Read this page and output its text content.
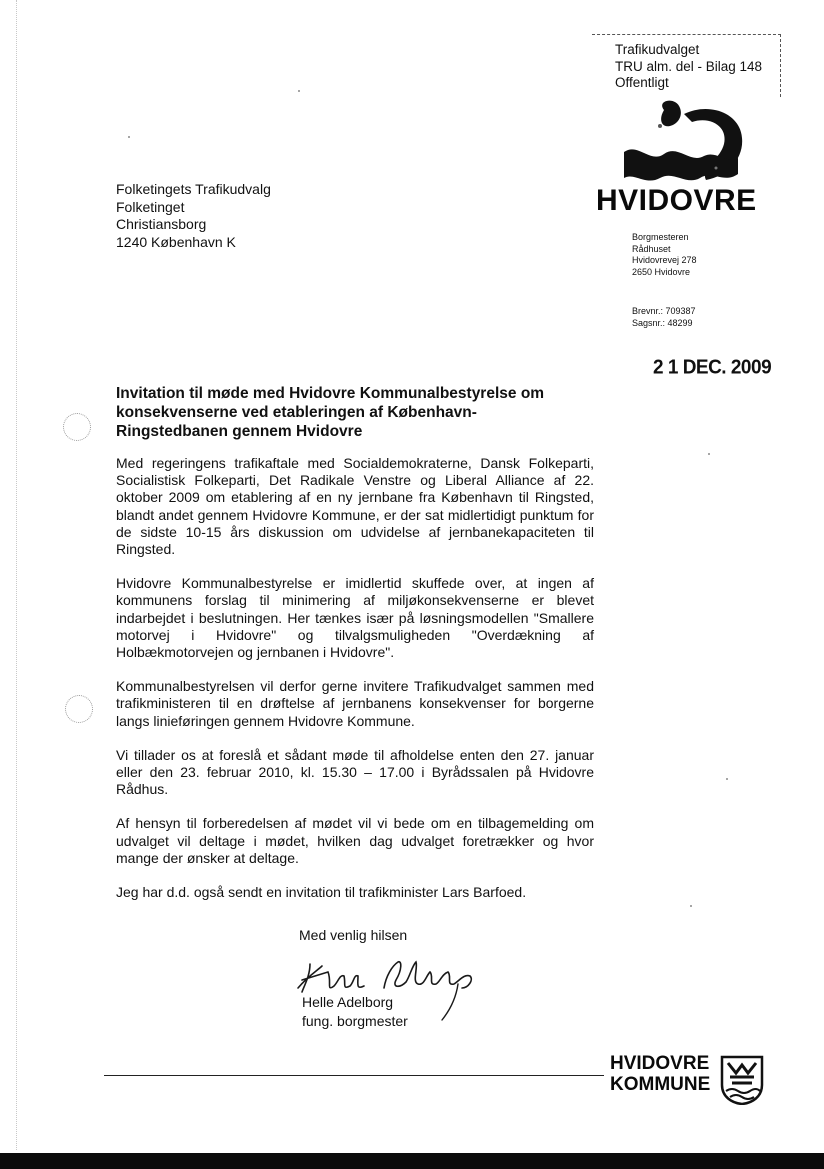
Trafikudvalget
TRU alm. del - Bilag 148
Offentligt
HVIDOVRE
Borgmesteren
Rådhuset
Hvidovrevej 278
2650 Hvidovre
Brevnr.: 709387
Sagsnr.: 48299
2 1 DEC. 2009
Folketingets Trafikudvalg
Folketinget
Christiansborg
1240 København K
Invitation til møde med Hvidovre Kommunalbestyrelse om konsekvenserne ved etableringen af København-Ringstedbanen gennem Hvidovre

Med regeringens trafikaftale med Socialdemokraterne, Dansk Folkeparti, Socialistisk Folkeparti, Det Radikale Venstre og Liberal Alliance af 22. oktober 2009 om etablering af en ny jernbane fra København til Ringsted, blandt andet gennem Hvidovre Kommune, er der sat midlertidigt punktum for de sidste 10-15 års diskussion om udvidelse af jernbanekapaciteten til Ringsted.

Hvidovre Kommunalbestyrelse er imidlertid skuffede over, at ingen af kommunens forslag til minimering af miljøkonsekvenserne er blevet indarbejdet i beslutningen. Her tænkes især på løsningsmodellen "Smallere motorvej i Hvidovre" og tilvalgsmuligheden "Overdækning af Holbækmotorvejen og jernbanen i Hvidovre".

Kommunalbestyrelsen vil derfor gerne invitere Trafikudvalget sammen med trafikministeren til en drøftelse af jernbanens konsekvenser for borgerne langs linieføringen gennem Hvidovre Kommune.

Vi tillader os at foreslå et sådant møde til afholdelse enten den 27. januar eller den 23. februar 2010, kl. 15.30 – 17.00 i Byrådssalen på Hvidovre Rådhus.

Af hensyn til forberedelsen af mødet vil vi bede om en tilbagemelding om udvalget vil deltage i mødet, hvilken dag udvalget foretrækker og hvor mange der ønsker at deltage.

Jeg har d.d. også sendt en invitation til trafikminister Lars Barfoed.

Med venlig hilsen
Helle Adelborg
fung. borgmester
HVIDOVRE
KOMMUNE
